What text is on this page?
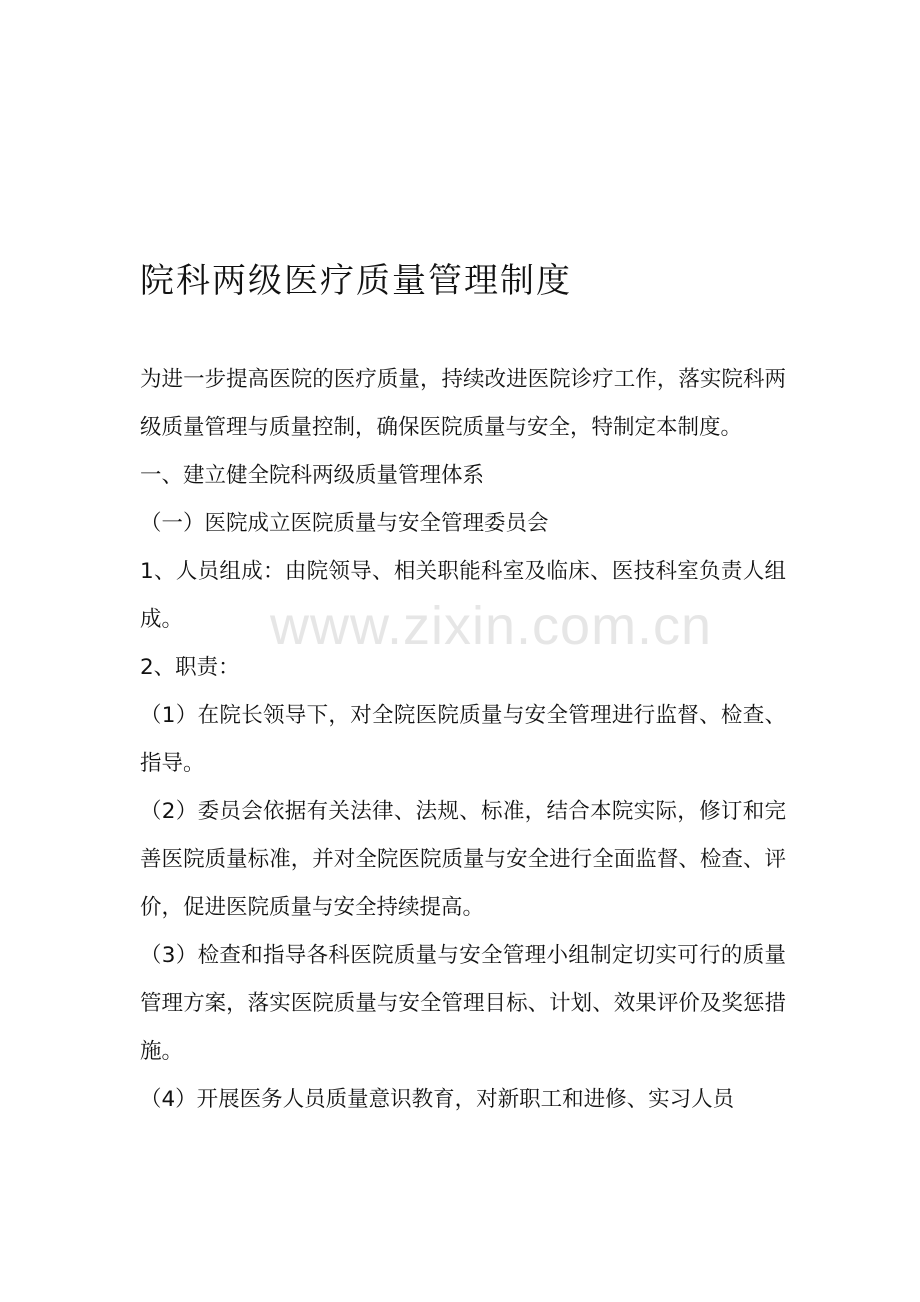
www.zixin.com.cn
院科两级医疗质量管理制度

为进一步提高医院的医疗质量，持续改进医院诊疗工作，落实院科两级质量管理与质量控制，确保医院质量与安全，特制定本制度。

一、建立健全院科两级质量管理体系

（一）医院成立医院质量与安全管理委员会

1、人员组成：由院领导、相关职能科室及临床、医技科室负责人组成。

2、职责：

（1）在院长领导下，对全院医院质量与安全管理进行监督、检查、指导。

（2）委员会依据有关法律、法规、标准，结合本院实际，修订和完善医院质量标准，并对全院医院质量与安全进行全面监督、检查、评价，促进医院质量与安全持续提高。

（3）检查和指导各科医院质量与安全管理小组制定切实可行的质量管理方案，落实医院质量与安全管理目标、计划、效果评价及奖惩措施。

（4）开展医务人员质量意识教育，对新职工和进修、实习人员
